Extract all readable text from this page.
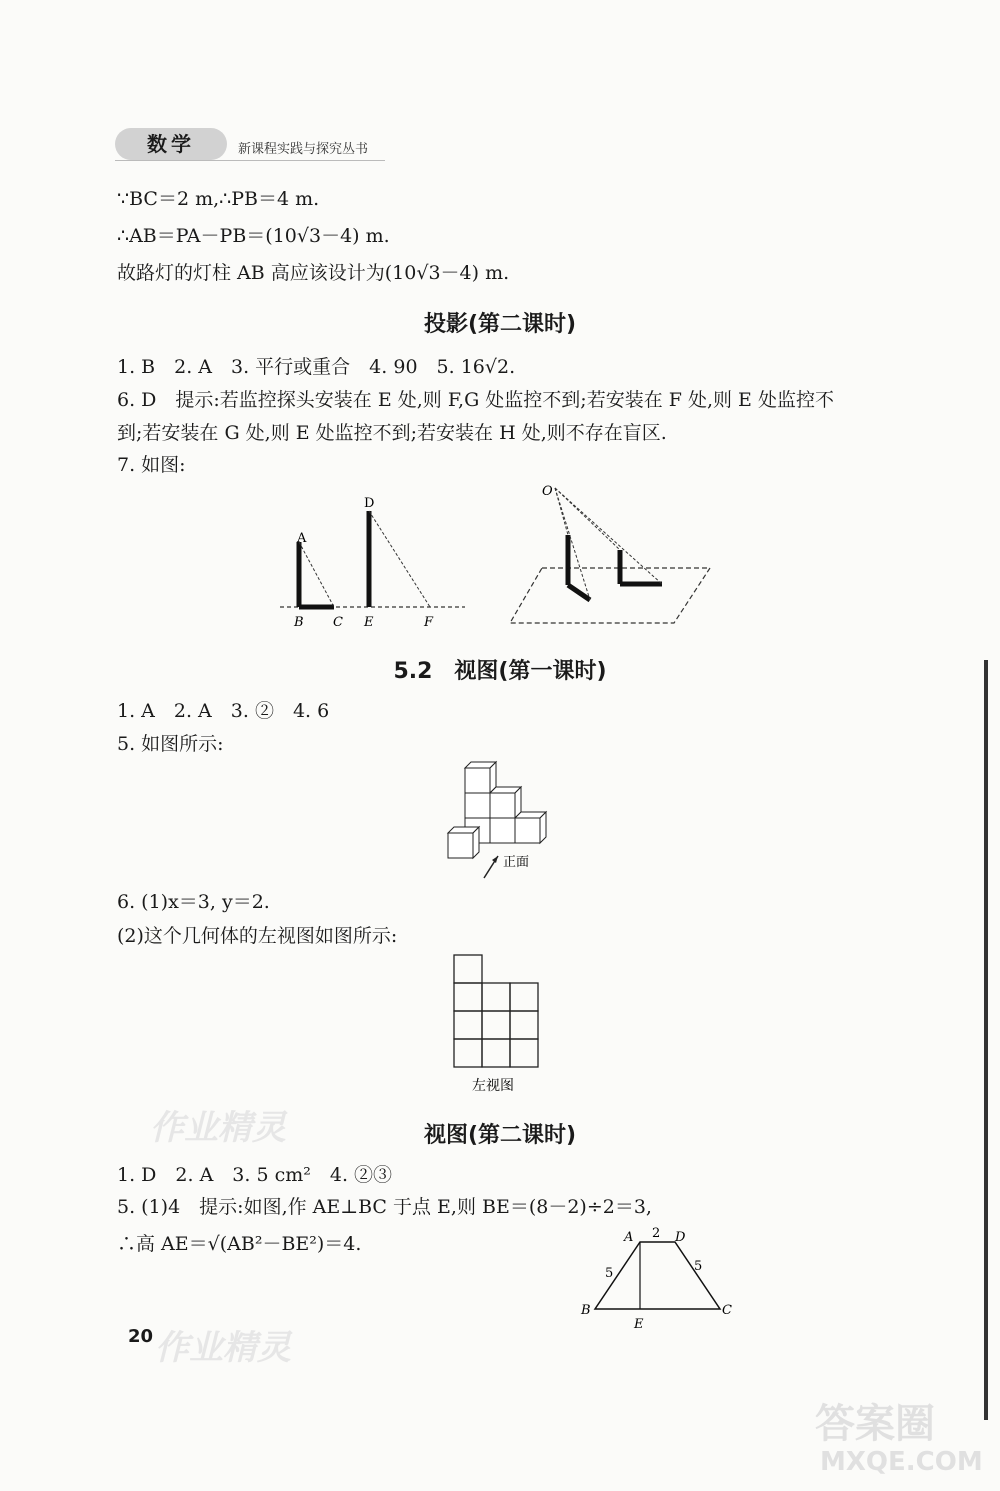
数学	新课程实践与探究丛书
∵BC＝2 m,∴PB＝4 m.
∴AB＝PA－PB＝(10√3－4) m.
故路灯的灯柱 AB 高应该设计为(10√3－4) m.
投影(第二课时)
1. B　2. A　3. 平行或重合　4. 90　5. 16√2.
6. D　提示:若监控探头安装在 E 处,则 F,G 处监控不到;若安装在 F 处,则 E 处监控不
到;若安装在 G 处,则 E 处监控不到;若安装在 H 处,则不存在盲区.
7. 如图:
A
B C
D
E	F
O
5.2　视图(第一课时)
1. A　2. A　3. ②　4. 6
5. 如图所示:
正面
6. (1)x＝3, y＝2.
(2)这个几何体的左视图如图所示:
左视图
作业精灵	视图(第二课时)
1. D　2. A　3. 5 cm²　4. ②③
5. (1)4　提示:如图,作 AE⊥BC 于点 E,则 BE＝(8－2)÷2＝3,
∴高 AE＝√(AB²－BE²)＝4.	A 2 D
5	5
B	C
E
20 作业精灵
答案圈
MXQE.COM
